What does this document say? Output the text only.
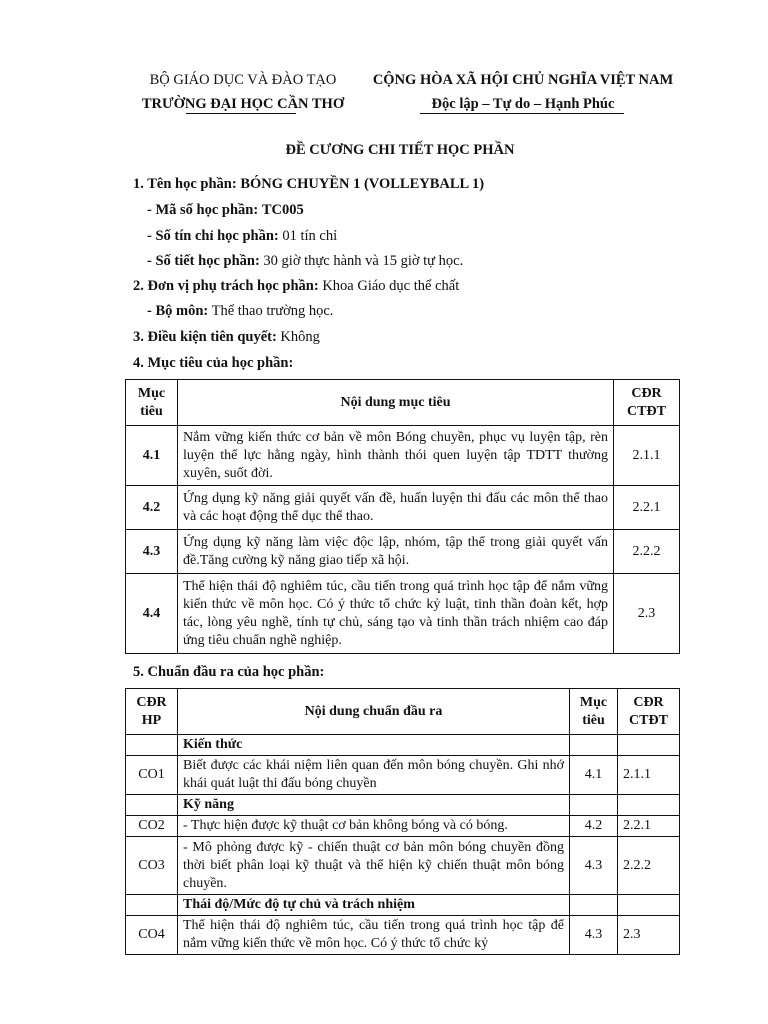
BỘ GIÁO DỤC VÀ ĐÀO TẠO
TRƯỜNG ĐẠI HỌC CẦN THƠ
CỘNG HÒA XÃ HỘI CHỦ NGHĨA VIỆT NAM
Độc lập – Tự do – Hạnh Phúc
ĐỀ CƯƠNG CHI TIẾT HỌC PHẦN
1. Tên học phần: BÓNG CHUYỀN 1 (VOLLEYBALL 1)
- Mã số học phần: TC005
- Số tín chỉ học phần: 01 tín chỉ
- Số tiết học phần: 30 giờ thực hành và 15 giờ tự học.
2. Đơn vị phụ trách học phần: Khoa Giáo dục thể chất
- Bộ môn: Thể thao trường học.
3. Điều kiện tiên quyết: Không
4. Mục tiêu của học phần:
Mục tiêu	Nội dung mục tiêu	CĐR CTĐT
4.1	Nắm vững kiến thức cơ bản về môn Bóng chuyền, phục vụ luyện tập, rèn luyện thể lực hằng ngày, hình thành thói quen luyện tập TDTT thường xuyên, suốt đời.	2.1.1
4.2	Ứng dụng kỹ năng giải quyết vấn đề, huấn luyện thi đấu các môn thể thao và các hoạt động thể dục thể thao.	2.2.1
4.3	Ứng dụng kỹ năng làm việc độc lập, nhóm, tập thể trong giải quyết vấn đề.Tăng cường kỹ năng giao tiếp xã hội.	2.2.2
4.4	Thể hiện thái độ nghiêm túc, cầu tiến trong quá trình học tập để nắm vững kiến thức về môn học. Có ý thức tổ chức kỷ luật, tinh thần đoàn kết, hợp tác, lòng yêu nghề, tính tự chủ, sáng tạo và tinh thần trách nhiệm cao đáp ứng tiêu chuẩn nghề nghiệp.	2.3
5. Chuẩn đầu ra của học phần:
CĐR HP	Nội dung chuẩn đầu ra	Mục tiêu	CĐR CTĐT
	Kiến thức		
CO1	Biết được các khái niệm liên quan đến môn bóng chuyền. Ghi nhớ khái quát luật thi đấu bóng chuyền	4.1	2.1.1
	Kỹ năng		
CO2	- Thực hiện được kỹ thuật cơ bản không bóng và có bóng.	4.2	2.2.1
CO3	- Mô phỏng được kỹ - chiến thuật cơ bản môn bóng chuyền đồng thời biết phân loại kỹ thuật và thể hiện kỹ chiến thuật môn bóng chuyền.	4.3	2.2.2
	Thái độ/Mức độ tự chủ và trách nhiệm		
CO4	Thể hiện thái độ nghiêm túc, cầu tiến trong quá trình học tập để nắm vững kiến thức về môn học. Có ý thức tổ chức kỷ	4.3	2.3
